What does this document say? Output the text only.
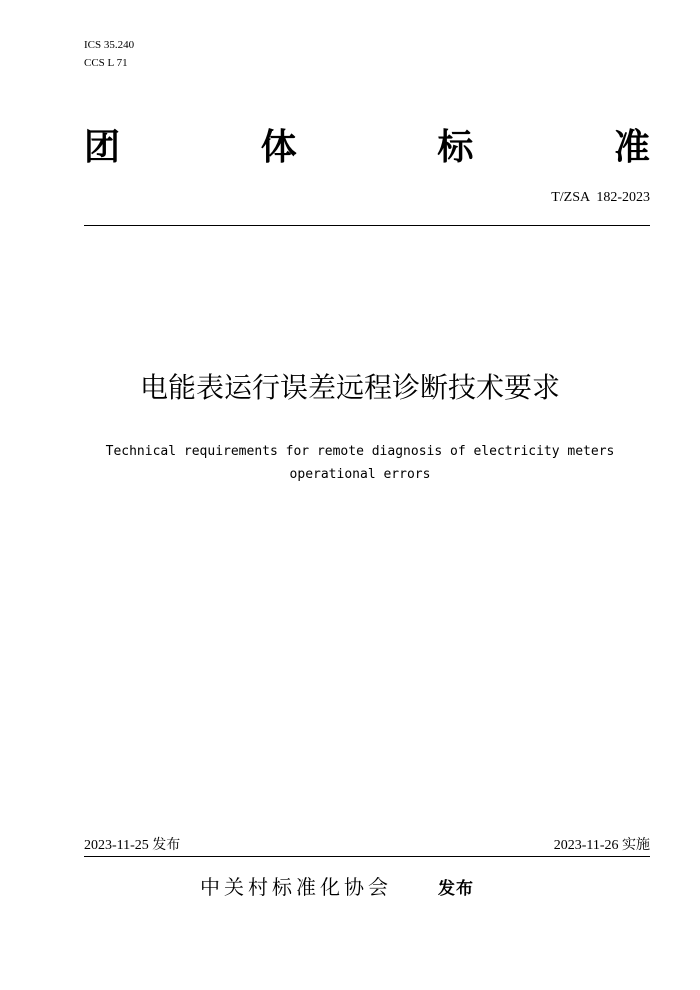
ICS 35.240
CCS L 71
团	体	标	准
T/ZSA  182-2023
电能表运行误差远程诊断技术要求
Technical requirements for remote diagnosis of electricity meters
operational errors
2023-11-25 发布	2023-11-26 实施
中关村标准化协会	发布
